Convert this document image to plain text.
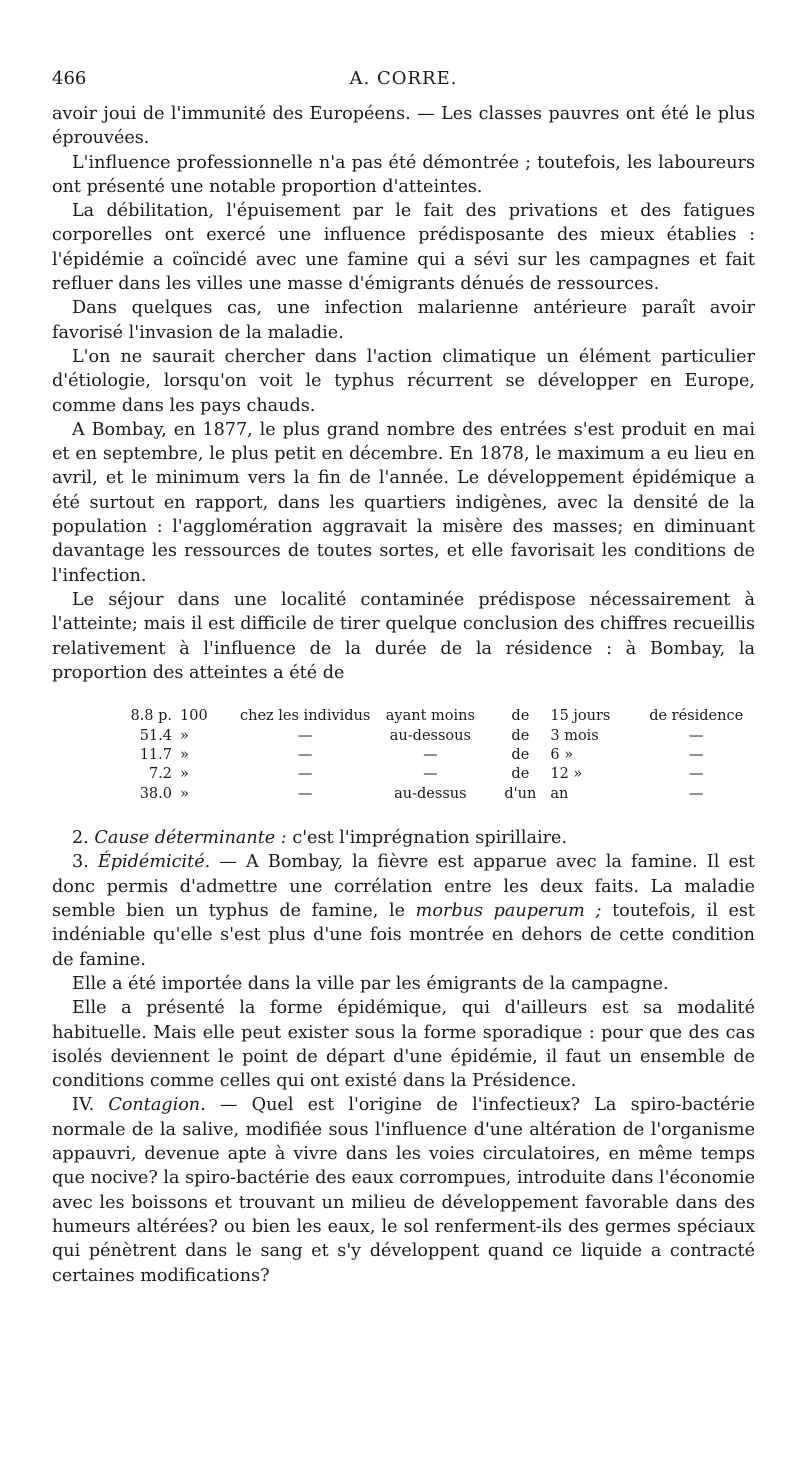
466	A. CORRE.

avoir joui de l'immunité des Européens. — Les classes pauvres ont été le plus éprouvées.

L'influence professionnelle n'a pas été démontrée ; toutefois, les laboureurs ont présenté une notable proportion d'atteintes.

La débilitation, l'épuisement par le fait des privations et des fatigues corporelles ont exercé une influence prédisposante des mieux établies : l'épidémie a coïncidé avec une famine qui a sévi sur les campagnes et fait refluer dans les villes une masse d'émigrants dénués de ressources.

Dans quelques cas, une infection malarienne antérieure paraît avoir favorisé l'invasion de la maladie.

L'on ne saurait chercher dans l'action climatique un élément particulier d'étiologie, lorsqu'on voit le typhus récurrent se développer en Europe, comme dans les pays chauds.

A Bombay, en 1877, le plus grand nombre des entrées s'est produit en mai et en septembre, le plus petit en décembre. En 1878, le maximum a eu lieu en avril, et le minimum vers la fin de l'année. Le développement épidémique a été surtout en rapport, dans les quartiers indigènes, avec la densité de la population : l'agglomération aggravait la misère des masses; en diminuant davantage les ressources de toutes sortes, et elle favorisait les conditions de l'infection.

Le séjour dans une localité contaminée prédispose nécessairement à l'atteinte; mais il est difficile de tirer quelque conclusion des chiffres recueillis relativement à l'influence de la durée de la résidence : à Bombay, la proportion des atteintes a été de

8.8 p.	100	chez les individus	ayant moins	de	15 jours	de résidence
51.4	»	—	au-dessous	de	3 mois	—
11.7	»	—	—	de	6 »	—
7.2	»	—	—	de	12 »	—
38.0	»	—	au-dessus	d'un	an	—

2. Cause déterminante : c'est l'imprégnation spirillaire.

3. Épidémicité. — A Bombay, la fièvre est apparue avec la famine. Il est donc permis d'admettre une corrélation entre les deux faits. La maladie semble bien un typhus de famine, le morbus pauperum ; toutefois, il est indéniable qu'elle s'est plus d'une fois montrée en dehors de cette condition de famine.

Elle a été importée dans la ville par les émigrants de la campagne.

Elle a présenté la forme épidémique, qui d'ailleurs est sa modalité habituelle. Mais elle peut exister sous la forme sporadique : pour que des cas isolés deviennent le point de départ d'une épidémie, il faut un ensemble de conditions comme celles qui ont existé dans la Présidence.

IV. Contagion. — Quel est l'origine de l'infectieux? La spiro-bactérie normale de la salive, modifiée sous l'influence d'une altération de l'organisme appauvri, devenue apte à vivre dans les voies circulatoires, en même temps que nocive? la spiro-bactérie des eaux corrompues, introduite dans l'économie avec les boissons et trouvant un milieu de développement favorable dans des humeurs altérées? ou bien les eaux, le sol renferment-ils des germes spéciaux qui pénètrent dans le sang et s'y développent quand ce liquide a contracté certaines modifications?
